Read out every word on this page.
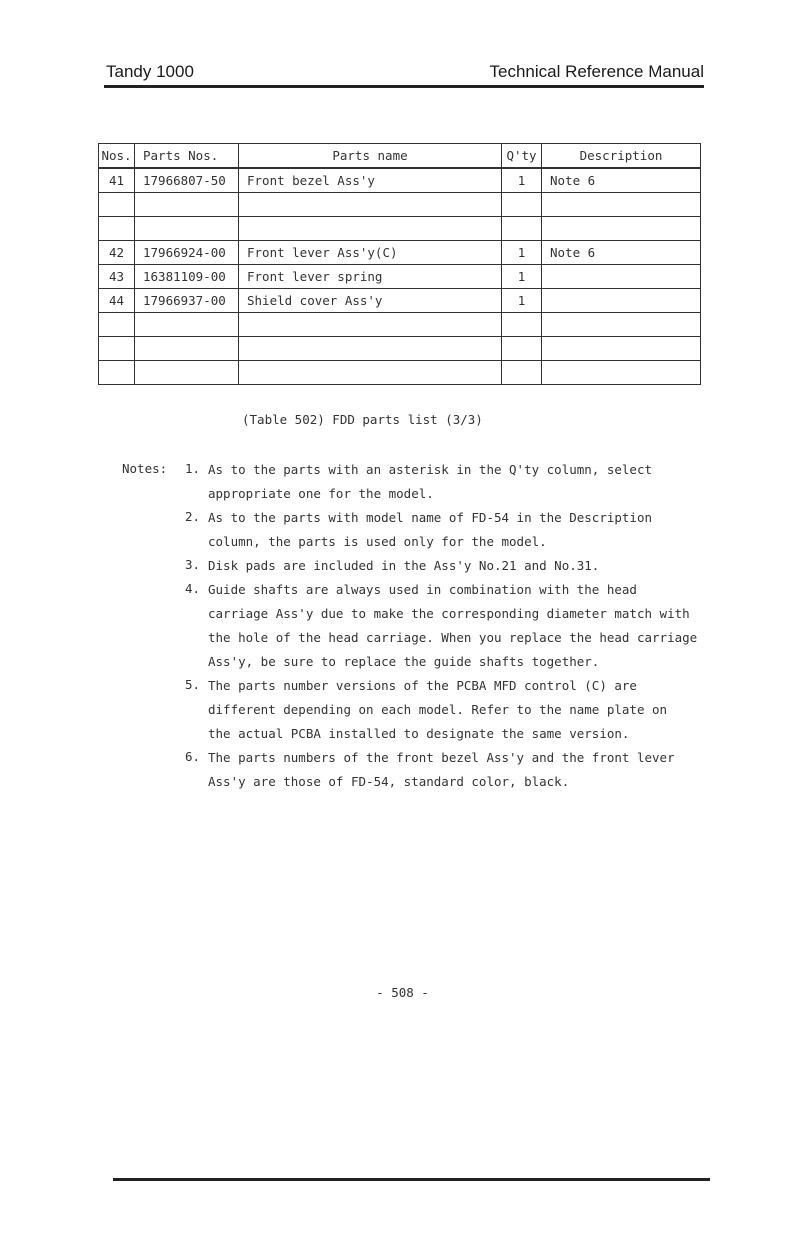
Tandy 1000	Technical Reference Manual
Nos.	Parts Nos.	Parts name	Q'ty	Description
41	17966807-50	Front bezel Ass'y	1	Note 6

42	17966924-00	Front lever Ass'y(C)	1	Note 6
43	16381109-00	Front lever spring	1	
44	17966937-00	Shield cover Ass'y	1	

(Table 502) FDD parts list (3/3)
Notes:	1. As to the parts with an asterisk in the Q'ty column, select
appropriate one for the model.
2. As to the parts with model name of FD-54 in the Description
column, the parts is used only for the model.
3. Disk pads are included in the Ass'y No.21 and No.31.
4. Guide shafts are always used in combination with the head
carriage Ass'y due to make the corresponding diameter match with
the hole of the head carriage. When you replace the head carriage
Ass'y, be sure to replace the guide shafts together.
5. The parts number versions of the PCBA MFD control (C) are
different depending on each model. Refer to the name plate on
the actual PCBA installed to designate the same version.
6. The parts numbers of the front bezel Ass'y and the front lever
Ass'y are those of FD-54, standard color, black.
- 508 -
